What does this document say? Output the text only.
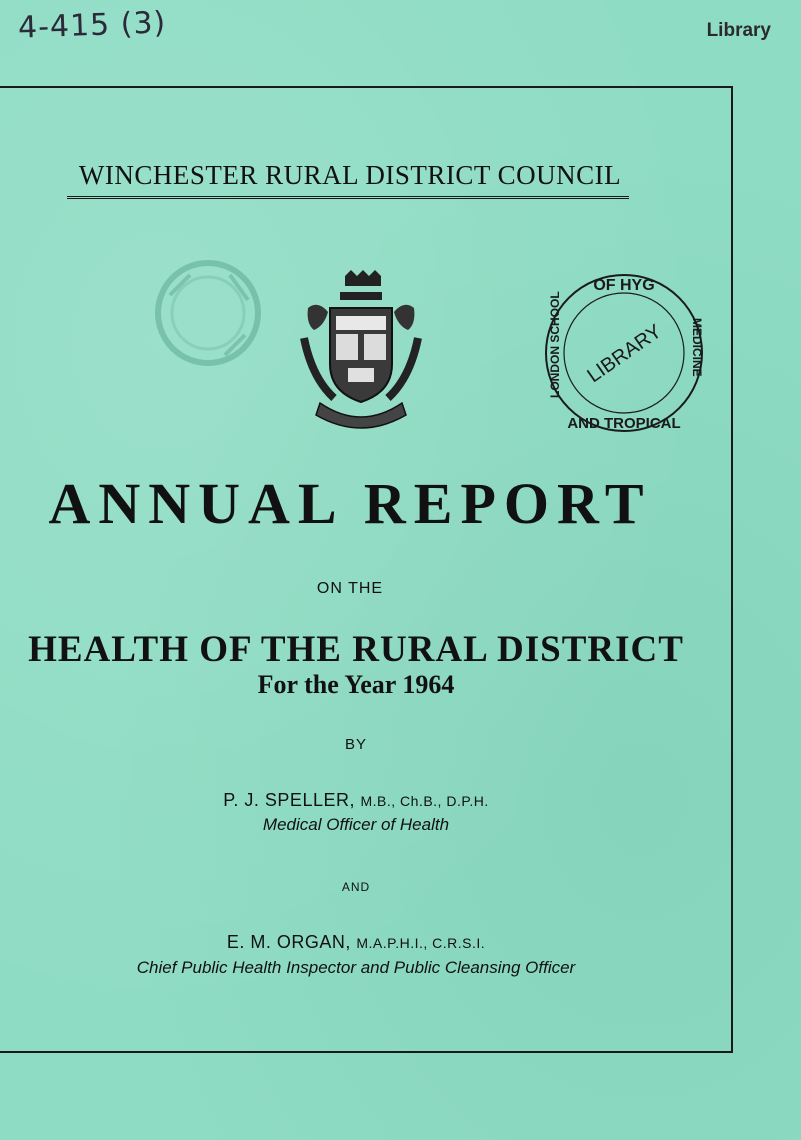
4-415 (3)	Library
WINCHESTER RURAL DISTRICT COUNCIL
OF HYG
AND TROPICAL
LONDON SCHOOL	MEDICINE
LIBRARY
ANNUAL REPORT
ON THE
HEALTH OF THE RURAL DISTRICT
For the Year 1964
BY
P. J. SPELLER, M.B., Ch.B., D.P.H.
Medical Officer of Health
AND
E. M. ORGAN, M.A.P.H.I., C.R.S.I.
Chief Public Health Inspector and Public Cleansing Officer
